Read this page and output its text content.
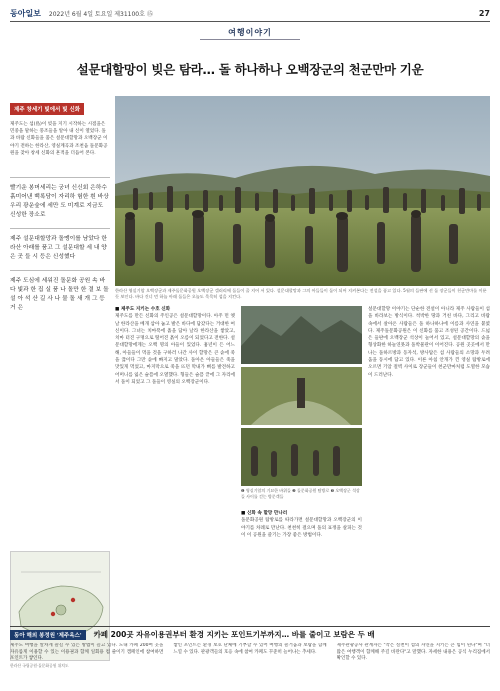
동아일보 2022년 6월 4일 토요일 제31100호 ⑮	27
여행이야기
설문대할망이 빚은 탐라… 돌 하나하나 오백장군의 천군만마 기운
제주 창세기 빛에서 빛 신화
제주도는 섬(島)이 빚을 지기 시작하는 시점을은 민중을 말하는 풍조들을 알아 내 신이 열었다. 돌과 바람 신화들을 품은 설문대할망과 오백장군 이야기 전하는 한라산, 영실계곡과 조천읍 돌문화공원을 찾아 창세 신화의 흔적을 더듬어 본다.
빨기운 봉머세리는 궁녀 신신회 은하수 흙미어낸 백록담이 자리하 험한 흰 바상 우리 광운숲에 세만 도 미계로 지금도 신성한 장소로
제주 설문대할망과 돌맹이를 남았다 한라산 아래를 품고 그 설문대할 세 내 양은 곳 들 시 등은 신성했다
제주 도심에 세워진 돌문화 공원 속 바다 빛과 한 집 실 품 나 돌만 한 결 보 돌 설 아 석 산 길 사 나 물 돌 새 개 그 등 거 은
한라산 국립공원·돌문화공원 위치도
한라산 영실기암 오백장군과 제주돌문화공원 오백장군 갤러리에 돌들이 줄 지어 서 있다. 설문대할망과 그의 아들들이 돌이 되어 지켜본다는 전설을 품고 있다. 5월의 들판에 선 돌 장군들이 천군만마를 이룬 듯 보인다. 바다 건너 먼 하늘 아래 돌들은 오늘도 묵묵히 섬을 지킨다.
■ 제주도 지키는 수호 신화
제주도를 만든 신화의 주인공은 설문대할망이다. 아주 먼 옛날 한라산을 베개 삼아 눕고 발은 바다에 담갔다는 거대한 여신이다. 그녀는 치마폭에 흙을 담아 날라 한라산을 쌓았고, 치마 터진 구멍으로 떨어진 흙이 오름이 되었다고 전한다. 설문대할망에게는 오백 명의 아들이 있었다. 흉년이 든 어느 해, 아들들이 먹을 것을 구하러 나간 사이 할망은 큰 솥에 죽을 끓이다 그만 솥에 빠지고 말았다. 돌아온 아들들은 죽을 맛있게 먹었고, 마지막으로 죽을 뜨던 막내가 뼈를 발견하고 어머니를 잃은 슬픔에 오열했다. 형들은 슬픔 끝에 그 자리에서 돌이 되었고 그 돌들이 영실의 오백장군이다.
❶ 영실기암의 기묘한 바위들 ❷ 돌문화공원 탐방로 ❸ 오백장군 석상들 사이를 걷는 방문객들
■ 신화 속 할망 만나러
돌문화공원 탐방로를 따라가면 설문대할망과 오백장군의 이야기를 차례로 만난다. 천천히 걸으며 돌의 표정을 살피는 것이 이 공원을 즐기는 가장 좋은 방법이다.
설문대할망 이야기는 단순한 전설이 아니라 제주 사람들이 섬을 바라보는 방식이다. 척박한 땅과 거친 바다, 그리고 바람 속에서 살아온 사람들은 돌 하나하나에 이름과 사연을 붙였다. 제주돌문화공원은 이 신화를 품고 조성된 공간이다. 드넓은 들판에 오백장군 석상이 늘어서 있고, 설문대할망의 솥을 형상화한 하늘연못과 돌박물관이 이어진다. 공원 곳곳에서 만나는 돌하르방과 동자석, 방사탑은 섬 사람들의 소망과 두려움을 동시에 담고 있다. 이른 아침 안개가 낀 영실 탐방로에 오르면 기암 절벽 사이로 장군들이 천군만마처럼 도열한 모습이 드러난다.
동아 해외 봉정원 '제주옥스'	카페 200곳 자유이용권부터 환경 지키는 포인트기부까지… 바를 줄이고 보람은 두 배
제주도 여행을 알차게 즐길 수 있는 방법이 늘고 있다. 도내 카페 200여 곳을 자유롭게 이용할 수 있는 이용권과 함께 일회용 컵 줄이기 캠페인에 참여하면 포인트가 쌓인다.
쌓인 포인트는 환경 보호 단체에 기부할 수 있어 여행의 즐거움과 보람을 함께 느낄 수 있다. 관광객들의 호응 속에 참여 카페도 꾸준히 늘어나는 추세다.
제주관광공사 관계자는 "작은 실천이 섬의 자연을 지키는 큰 힘이 된다"며 "더 많은 여행객이 함께해 주길 바란다"고 말했다. 자세한 내용은 공식 누리집에서 확인할 수 있다.
